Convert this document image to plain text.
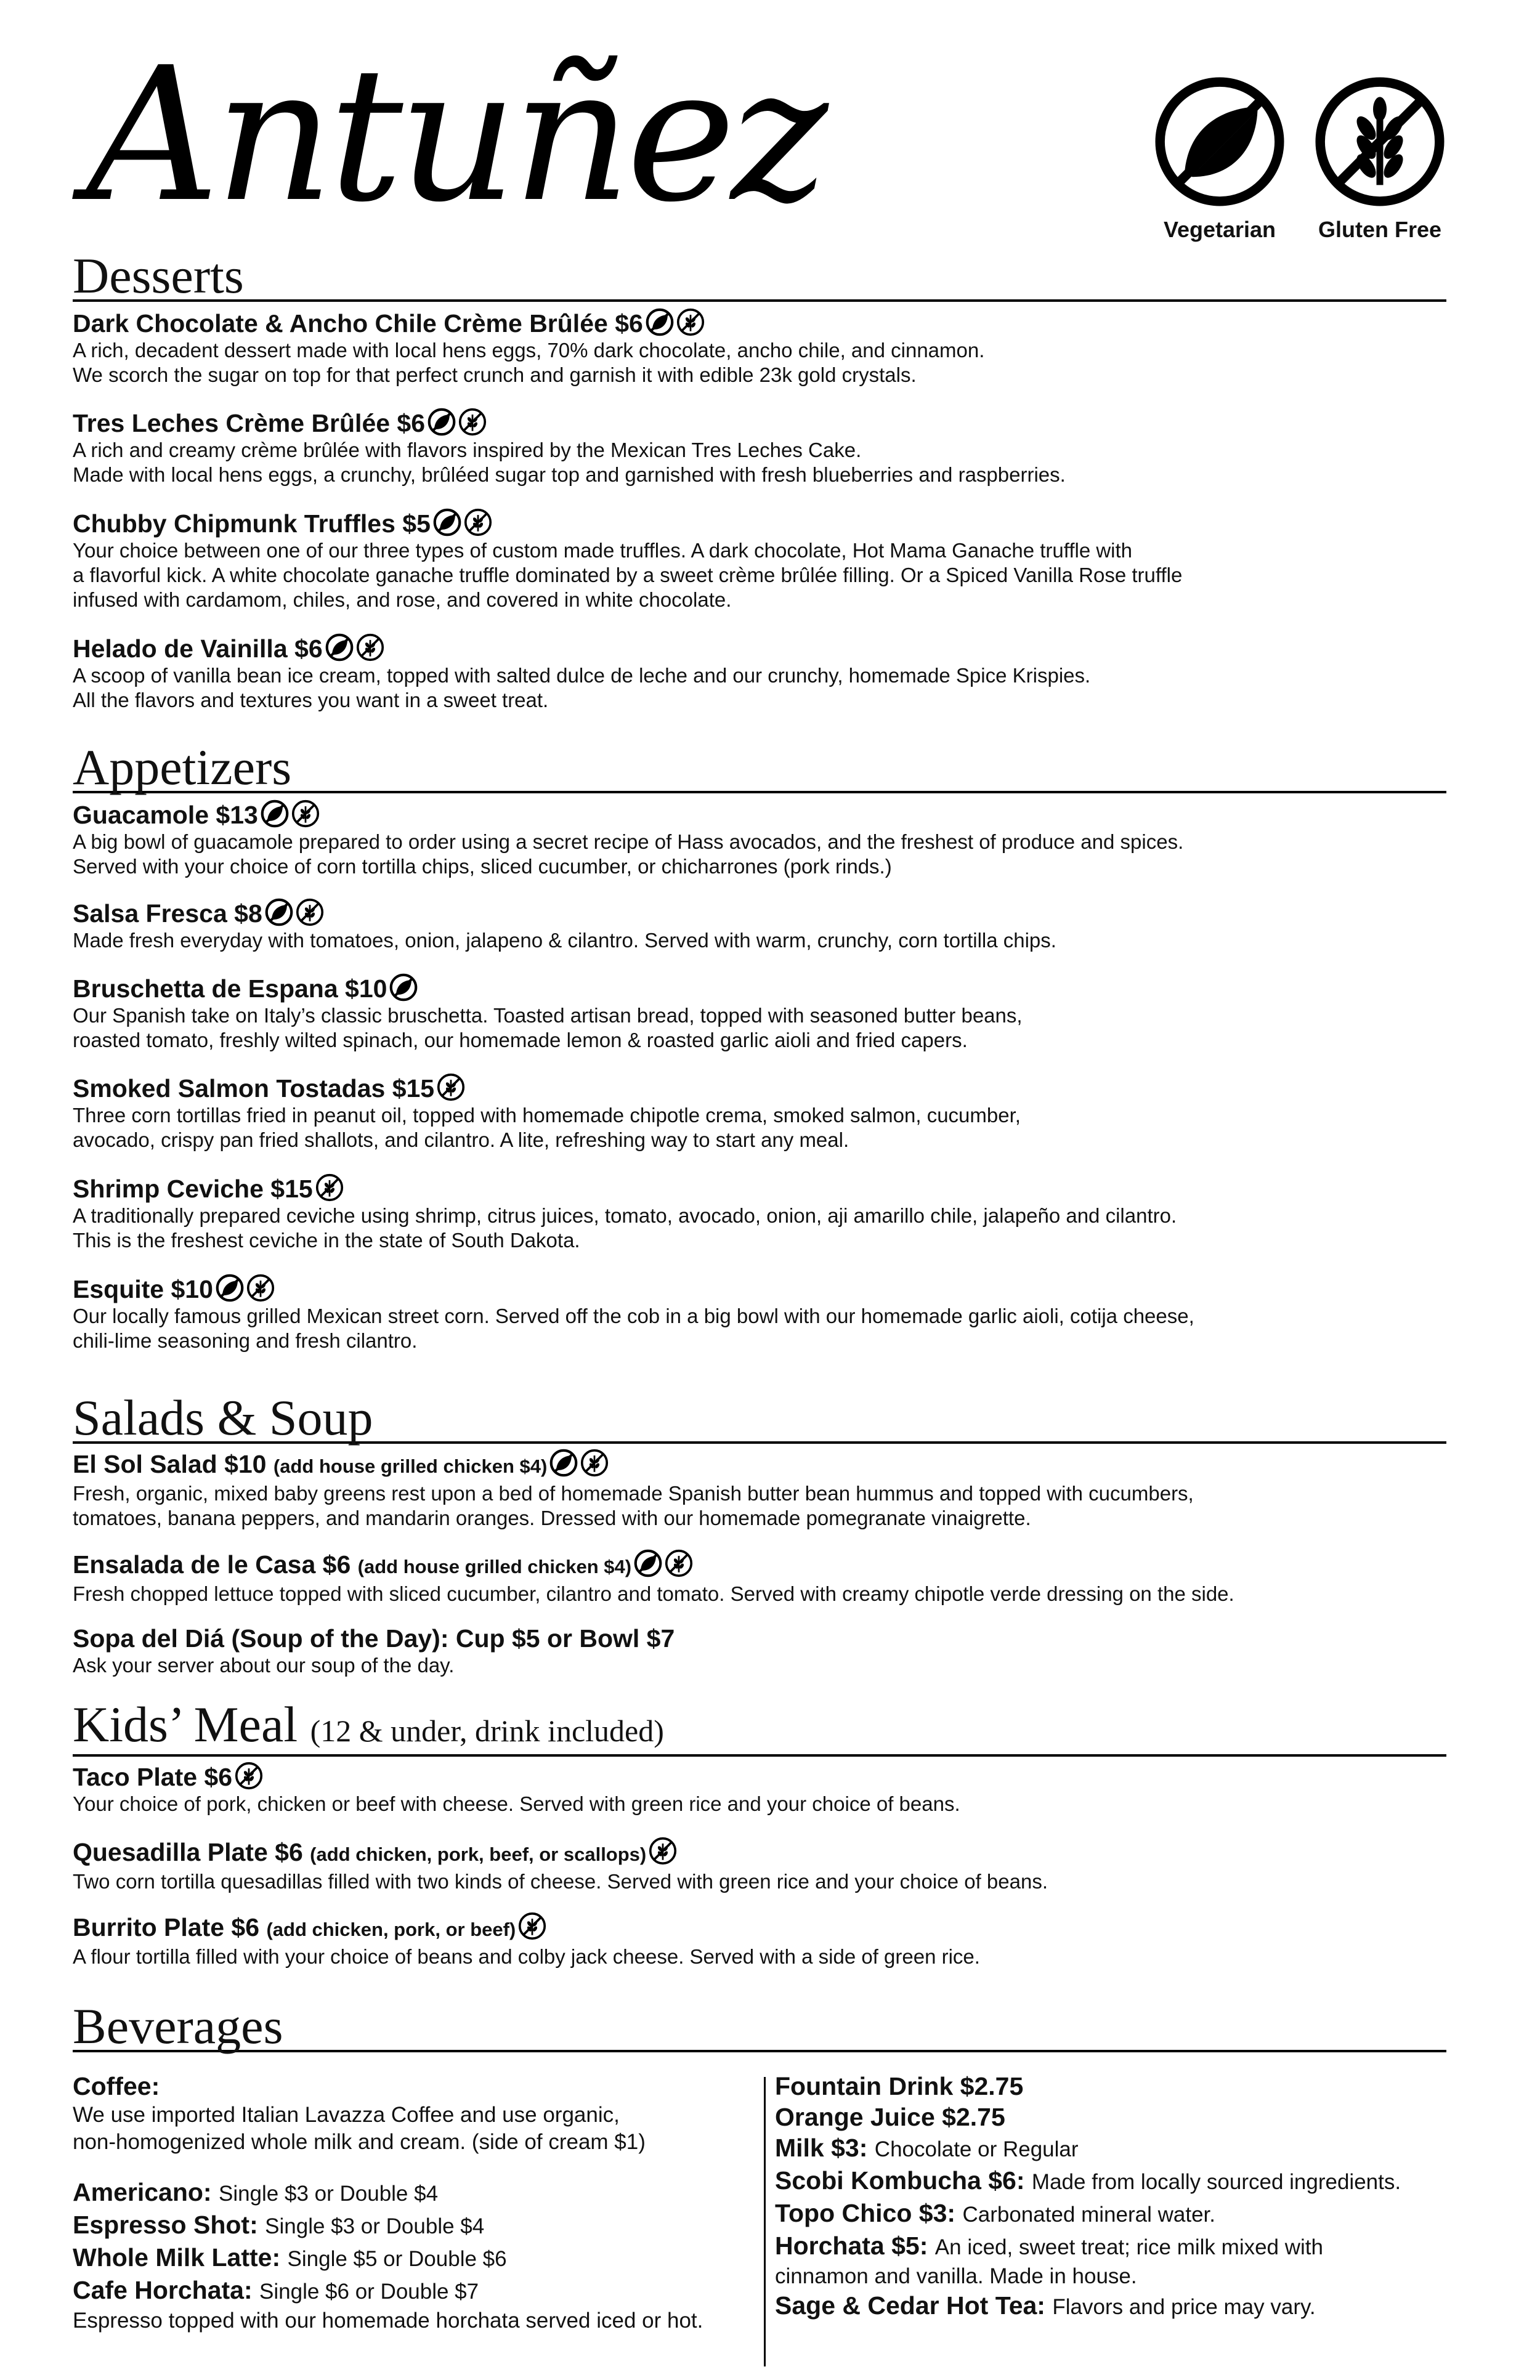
Antuñez	Vegetarian	Gluten Free
Desserts
Dark Chocolate & Ancho Chile Crème Brûlée $6

A rich, decadent dessert made with local hens eggs, 70% dark chocolate, ancho chile, and cinnamon.

We scorch the sugar on top for that perfect crunch and garnish it with edible 23k gold crystals.

Tres Leches Crème Brûlée $6

A rich and creamy crème brûlée with flavors inspired by the Mexican Tres Leches Cake.

Made with local hens eggs, a crunchy, brûléed sugar top and garnished with fresh blueberries and raspberries.

Chubby Chipmunk Truffles $5

Your choice between one of our three types of custom made truffles. A dark chocolate, Hot Mama Ganache truffle with

a flavorful kick. A white chocolate ganache truffle dominated by a sweet crème brûlée filling. Or a Spiced Vanilla Rose truffle

infused with cardamom, chiles, and rose, and covered in white chocolate.

Helado de Vainilla $6

A scoop of vanilla bean ice cream, topped with salted dulce de leche and our crunchy, homemade Spice Krispies.

All the flavors and textures you want in a sweet treat.

Appetizers
Guacamole $13

A big bowl of guacamole prepared to order using a secret recipe of Hass avocados, and the freshest of produce and spices.

Served with your choice of corn tortilla chips, sliced cucumber, or chicharrones (pork rinds.)

Salsa Fresca $8

Made fresh everyday with tomatoes, onion, jalapeno & cilantro. Served with warm, crunchy, corn tortilla chips.

Bruschetta de Espana $10

Our Spanish take on Italy’s classic bruschetta. Toasted artisan bread, topped with seasoned butter beans,

roasted tomato, freshly wilted spinach, our homemade lemon & roasted garlic aioli and fried capers.

Smoked Salmon Tostadas $15

Three corn tortillas fried in peanut oil, topped with homemade chipotle crema, smoked salmon, cucumber,

avocado, crispy pan fried shallots, and cilantro. A lite, refreshing way to start any meal.

Shrimp Ceviche $15

A traditionally prepared ceviche using shrimp, citrus juices, tomato, avocado, onion, aji amarillo chile, jalapeño and cilantro.

This is the freshest ceviche in the state of South Dakota.

Esquite $10

Our locally famous grilled Mexican street corn. Served off the cob in a big bowl with our homemade garlic aioli, cotija cheese,

chili-lime seasoning and fresh cilantro.

Salads & Soup
El Sol Salad $10 (add house grilled chicken $4)

Fresh, organic, mixed baby greens rest upon a bed of homemade Spanish butter bean hummus and topped with cucumbers,

tomatoes, banana peppers, and mandarin oranges. Dressed with our homemade pomegranate vinaigrette.

Ensalada de le Casa $6 (add house grilled chicken $4)

Fresh chopped lettuce topped with sliced cucumber, cilantro and tomato. Served with creamy chipotle verde dressing on the side.

Sopa del Diá (Soup of the Day): Cup $5 or Bowl $7

Ask your server about our soup of the day.

Kids’ Meal (12 & under, drink included)
Taco Plate $6

Your choice of pork, chicken or beef with cheese. Served with green rice and your choice of beans.

Quesadilla Plate $6 (add chicken, pork, beef, or scallops)

Two corn tortilla quesadillas filled with two kinds of cheese. Served with green rice and your choice of beans.

Burrito Plate $6 (add chicken, pork, or beef)

A flour tortilla filled with your choice of beans and colby jack cheese. Served with a side of green rice.

Beverages
Coffee:
We use imported Italian Lavazza Coffee and use organic,
non-homogenized whole milk and cream. (side of cream $1)
Americano: Single $3 or Double $4
Espresso Shot: Single $3 or Double $4
Whole Milk Latte: Single $5 or Double $6
Cafe Horchata: Single $6 or Double $7
Espresso topped with our homemade horchata served iced or hot.
Fountain Drink $2.75
Orange Juice $2.75
Milk $3: Chocolate or Regular
Scobi Kombucha $6: Made from locally sourced ingredients.
Topo Chico $3: Carbonated mineral water.
Horchata $5: An iced, sweet treat; rice milk mixed with
cinnamon and vanilla. Made in house.
Sage & Cedar Hot Tea: Flavors and price may vary.
